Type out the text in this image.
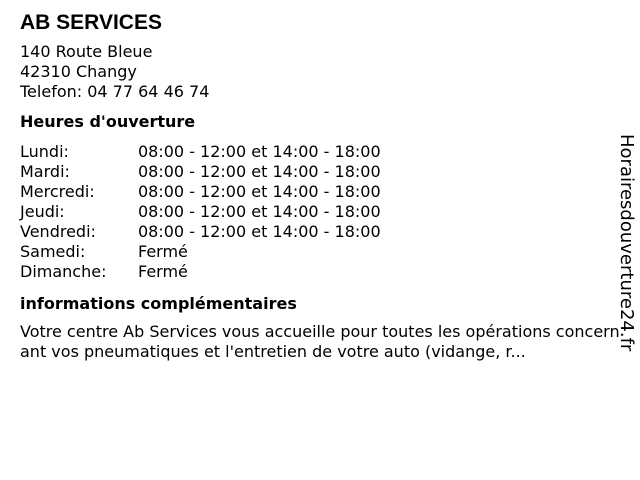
AB SERVICES
140 Route Bleue
42310 Changy
Telefon: 04 77 64 46 74
Heures d'ouverture
Lundi:	08:00 - 12:00 et 14:00 - 18:00
Mardi:	08:00 - 12:00 et 14:00 - 18:00
Mercredi:	08:00 - 12:00 et 14:00 - 18:00
Jeudi:	08:00 - 12:00 et 14:00 - 18:00
Vendredi:	08:00 - 12:00 et 14:00 - 18:00
Samedi:	Fermé
Dimanche:	Fermé
informations complémentaires
Votre centre Ab Services vous accueille pour toutes les opérations concernant vos pneumatiques et l'entretien de votre auto (vidange, r...
Horairesdouverture24.fr
